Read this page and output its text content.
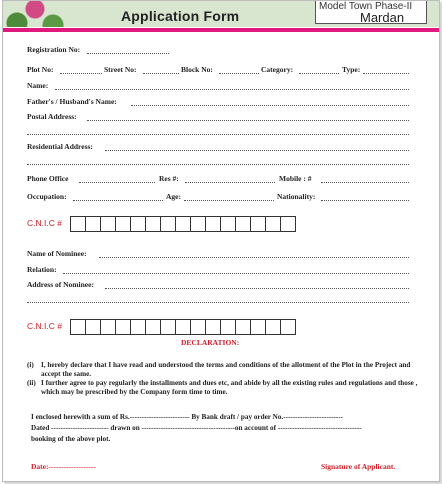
Application Form
Model Town Phase-II
Mardan
Registration No:
Plot No:	Street No:	Block No:	Category:	Type:
Name:
Father's / Husband's Name:
Postal Address:
Residential Address:
Phone Office	Res #:	Mobile : #
Occupation:	Age:	Nationality:
C.N.I.C #
Name of Nominee:
Relation:
Address of Nominee:
C.N.I.C #
DECLARATION:
(i) I, hereby declare that I have read and understood the terms and conditions of the allotment of the Plot in the Project and accept the same.
(ii) I further agree to pay regularly the installments and dues etc, and abide by all the existing rules and regulations and those , which may be prescribed by the Company form time to time.
I enclosed herewith a sum of Rs.------------------------- By Bank draft / pay order No.-------------------------
Dated ------------------------ drawn on ---------------------------------------on account of -----------------------------------
booking of the above plot.
Date:-------------------	Signature of Applicant.
